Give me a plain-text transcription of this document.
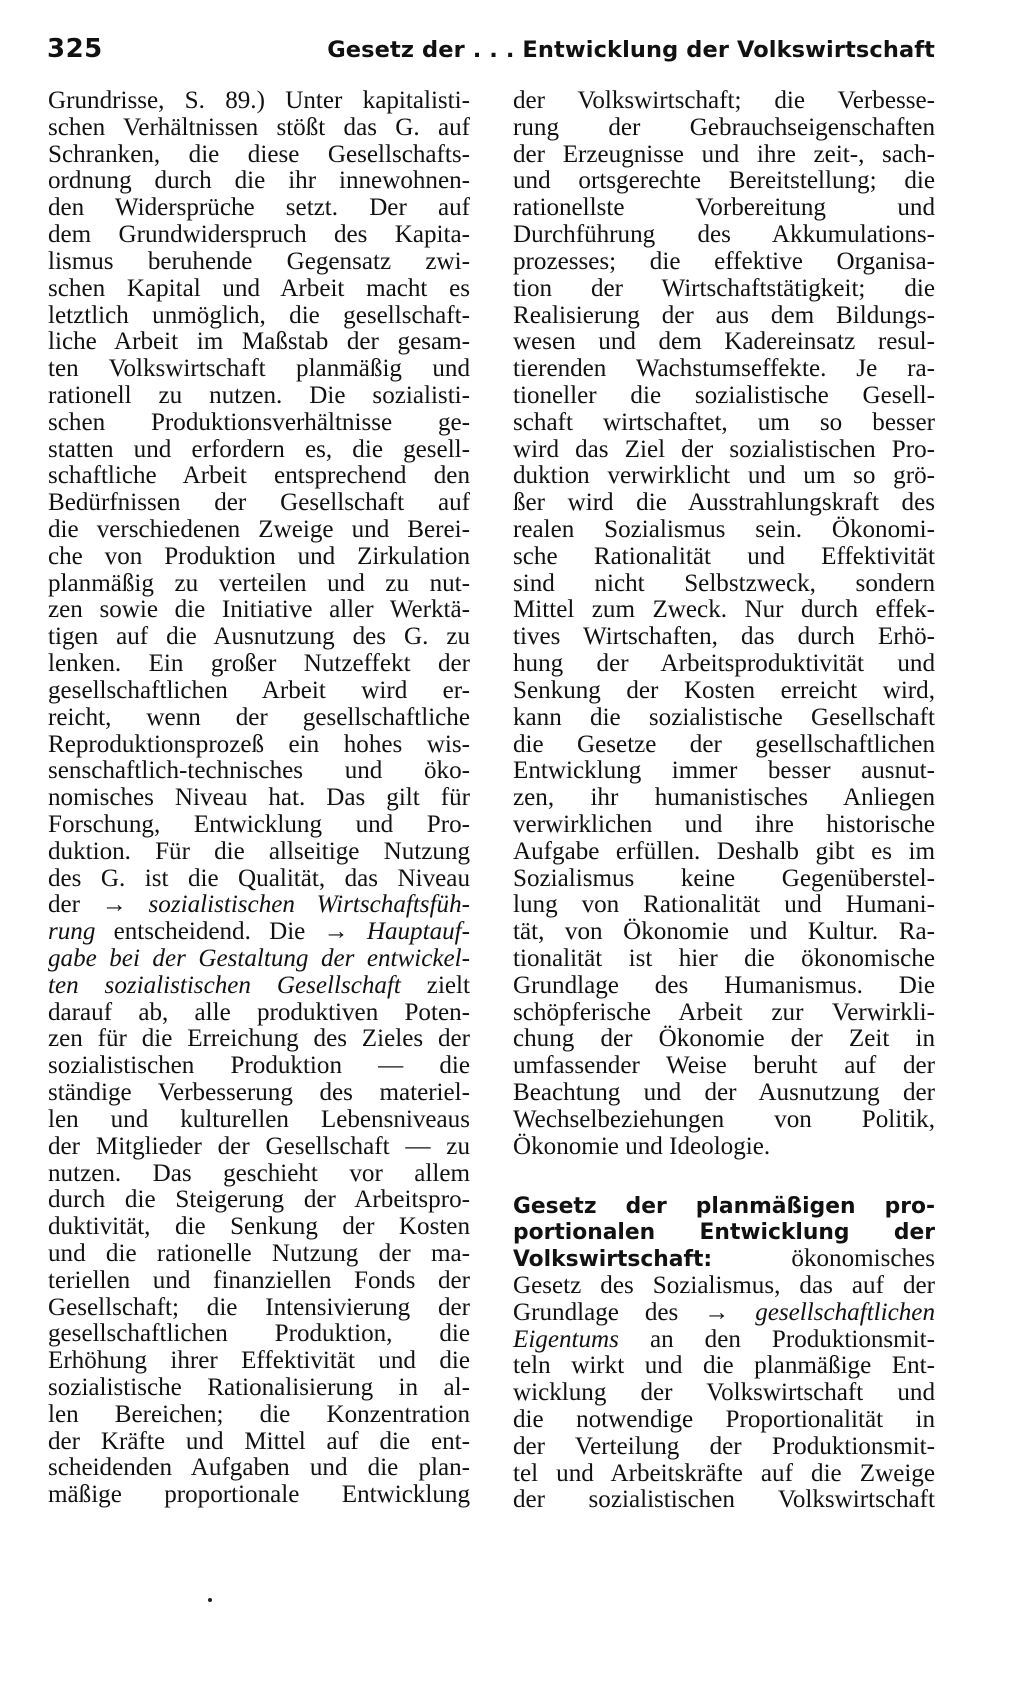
325	Gesetz der . . . Entwicklung der Volkswirtschaft
Grundrisse, S. 89.) Unter kapitalisti-
schen Verhältnissen stößt das G. auf
Schranken, die diese Gesellschafts-
ordnung durch die ihr innewohnen-
den Widersprüche setzt. Der auf
dem Grundwiderspruch des Kapita-
lismus beruhende Gegensatz zwi-
schen Kapital und Arbeit macht es
letztlich unmöglich, die gesellschaft-
liche Arbeit im Maßstab der gesam-
ten Volkswirtschaft planmäßig und
rationell zu nutzen. Die sozialisti-
schen Produktionsverhältnisse ge-
statten und erfordern es, die gesell-
schaftliche Arbeit entsprechend den
Bedürfnissen der Gesellschaft auf
die verschiedenen Zweige und Berei-
che von Produktion und Zirkulation
planmäßig zu verteilen und zu nut-
zen sowie die Initiative aller Werktä-
tigen auf die Ausnutzung des G. zu
lenken. Ein großer Nutzeffekt der
gesellschaftlichen Arbeit wird er-
reicht, wenn der gesellschaftliche
Reproduktionsprozeß ein hohes wis-
senschaftlich-technisches und öko-
nomisches Niveau hat. Das gilt für
Forschung, Entwicklung und Pro-
duktion. Für die allseitige Nutzung
des G. ist die Qualität, das Niveau
der → sozialistischen Wirtschaftsfüh-
rung entscheidend. Die → Hauptauf-
gabe bei der Gestaltung der entwickel-
ten sozialistischen Gesellschaft zielt
darauf ab, alle produktiven Poten-
zen für die Erreichung des Zieles der
sozialistischen Produktion — die
ständige Verbesserung des materiel-
len und kulturellen Lebensniveaus
der Mitglieder der Gesellschaft — zu
nutzen. Das geschieht vor allem
durch die Steigerung der Arbeitspro-
duktivität, die Senkung der Kosten
und die rationelle Nutzung der ma-
teriellen und finanziellen Fonds der
Gesellschaft; die Intensivierung der
gesellschaftlichen Produktion, die
Erhöhung ihrer Effektivität und die
sozialistische Rationalisierung in al-
len Bereichen; die Konzentration
der Kräfte und Mittel auf die ent-
scheidenden Aufgaben und die plan-
mäßige proportionale Entwicklung
der Volkswirtschaft; die Verbesse-
rung der Gebrauchseigenschaften
der Erzeugnisse und ihre zeit-, sach-
und ortsgerechte Bereitstellung; die
rationellste Vorbereitung und
Durchführung des Akkumulations-
prozesses; die effektive Organisa-
tion der Wirtschaftstätigkeit; die
Realisierung der aus dem Bildungs-
wesen und dem Kadereinsatz resul-
tierenden Wachstumseffekte. Je ra-
tioneller die sozialistische Gesell-
schaft wirtschaftet, um so besser
wird das Ziel der sozialistischen Pro-
duktion verwirklicht und um so grö-
ßer wird die Ausstrahlungskraft des
realen Sozialismus sein. Ökonomi-
sche Rationalität und Effektivität
sind nicht Selbstzweck, sondern
Mittel zum Zweck. Nur durch effek-
tives Wirtschaften, das durch Erhö-
hung der Arbeitsproduktivität und
Senkung der Kosten erreicht wird,
kann die sozialistische Gesellschaft
die Gesetze der gesellschaftlichen
Entwicklung immer besser ausnut-
zen, ihr humanistisches Anliegen
verwirklichen und ihre historische
Aufgabe erfüllen. Deshalb gibt es im
Sozialismus keine Gegenüberstel-
lung von Rationalität und Humani-
tät, von Ökonomie und Kultur. Ra-
tionalität ist hier die ökonomische
Grundlage des Humanismus. Die
schöpferische Arbeit zur Verwirkli-
chung der Ökonomie der Zeit in
umfassender Weise beruht auf der
Beachtung und der Ausnutzung der
Wechselbeziehungen von Politik,
Ökonomie und Ideologie.
Gesetz der planmäßigen pro-
portionalen Entwicklung der
Volkswirtschaft: ökonomisches
Gesetz des Sozialismus, das auf der
Grundlage des → gesellschaftlichen
Eigentums an den Produktionsmit-
teln wirkt und die planmäßige Ent-
wicklung der Volkswirtschaft und
die notwendige Proportionalität in
der Verteilung der Produktionsmit-
tel und Arbeitskräfte auf die Zweige
der sozialistischen Volkswirtschaft
